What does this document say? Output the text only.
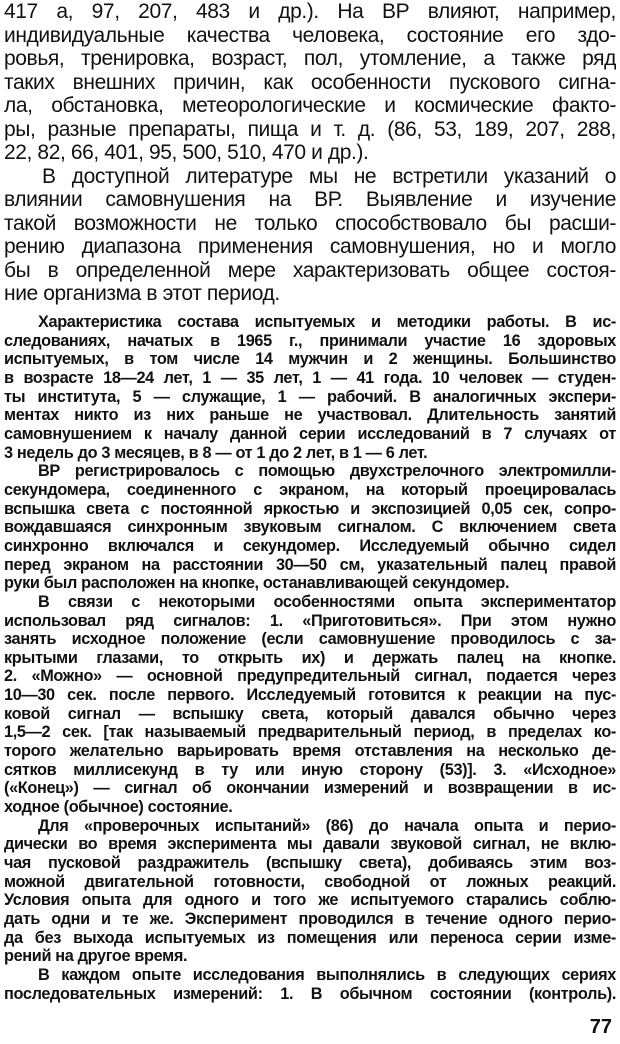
417 а, 97, 207, 483 и др.). На ВР влияют, например,
индивидуальные качества человека, состояние его здо-
ровья, тренировка, возраст, пол, утомление, а также ряд
таких внешних причин, как особенности пускового сигна-
ла, обстановка, метеорологические и космические факто-
ры, разные препараты, пища и т. д. (86, 53, 189, 207, 288,
22, 82, 66, 401, 95, 500, 510, 470 и др.).
В доступной литературе мы не встретили указаний о
влиянии самовнушения на ВР. Выявление и изучение
такой возможности не только способствовало бы расши-
рению диапазона применения самовнушения, но и могло
бы в определенной мере характеризовать общее состоя-
ние организма в этот период.
Характеристика состава испытуемых и методики работы. В ис-
следованиях, начатых в 1965 г., принимали участие 16 здоровых
испытуемых, в том числе 14 мужчин и 2 женщины. Большинство
в возрасте 18—24 лет, 1 — 35 лет, 1 — 41 года. 10 человек — студен-
ты института, 5 — служащие, 1 — рабочий. В аналогичных экспери-
ментах никто из них раньше не участвовал. Длительность занятий
самовнушением к началу данной серии исследований в 7 случаях от
3 недель до 3 месяцев, в 8 — от 1 до 2 лет, в 1 — 6 лет.
ВР регистрировалось с помощью двухстрелочного электромилли-
секундомера, соединенного с экраном, на который проецировалась
вспышка света с постоянной яркостью и экспозицией 0,05 сек, сопро-
вождавшаяся синхронным звуковым сигналом. С включением света
синхронно включался и секундомер. Исследуемый обычно сидел
перед экраном на расстоянии 30—50 см, указательный палец правой
руки был расположен на кнопке, останавливающей секундомер.
В связи с некоторыми особенностями опыта экспериментатор
использовал ряд сигналов: 1. «Приготовиться». При этом нужно
занять исходное положение (если самовнушение проводилось с за-
крытыми глазами, то открыть их) и держать палец на кнопке.
2. «Можно» — основной предупредительный сигнал, подается через
10—30 сек. после первого. Исследуемый готовится к реакции на пус-
ковой сигнал — вспышку света, который давался обычно через
1,5—2 сек. [так называемый предварительный период, в пределах ко-
торого желательно варьировать время отставления на несколько де-
сятков миллисекунд в ту или иную сторону (53)]. 3. «Исходное»
(«Конец») — сигнал об окончании измерений и возвращении в ис-
ходное (обычное) состояние.
Для «проверочных испытаний» (86) до начала опыта и перио-
дически во время эксперимента мы давали звуковой сигнал, не вклю-
чая пусковой раздражитель (вспышку света), добиваясь этим воз-
можной двигательной готовности, свободной от ложных реакций.
Условия опыта для одного и того же испытуемого старались соблю-
дать одни и те же. Эксперимент проводился в течение одного перио-
да без выхода испытуемых из помещения или переноса серии изме-
рений на другое время.
В каждом опыте исследования выполнялись в следующих сериях
последовательных измерений: 1. В обычном состоянии (контроль).
77
